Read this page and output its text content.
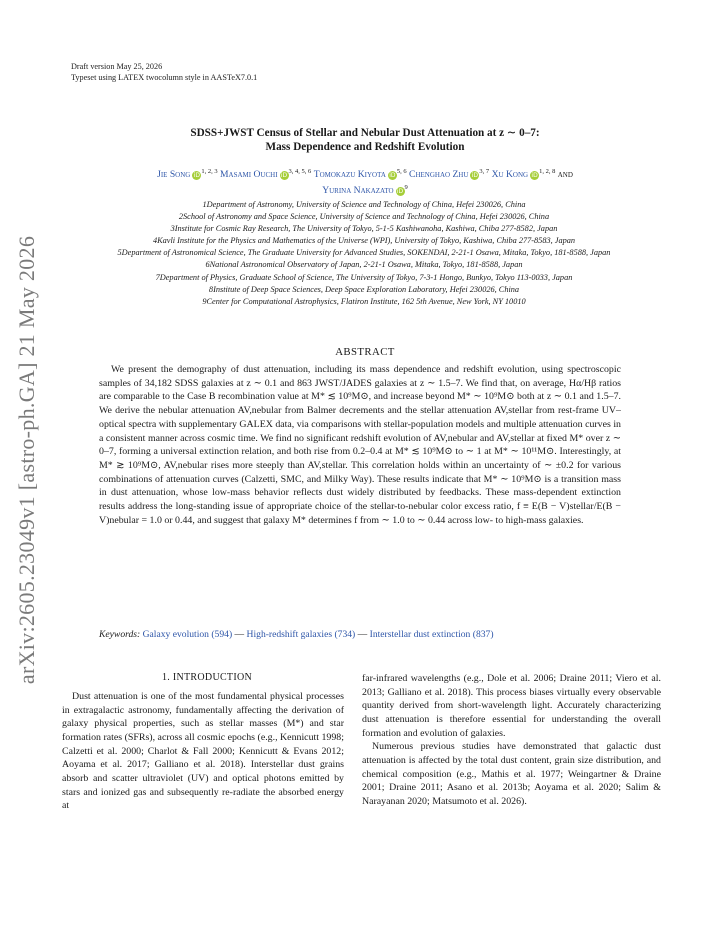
Draft version May 25, 2026
Typeset using LATEX twocolumn style in AASTeX7.0.1
arXiv:2605.23049v1 [astro-ph.GA] 21 May 2026
SDSS+JWST Census of Stellar and Nebular Dust Attenuation at z ∼ 0–7:
Mass Dependence and Redshift Evolution
Jie Song iD$^{1, 2, 3}$ Masami Ouchi iD$^{3, 4, 5, 6}$ Tomokazu Kiyota iD$^{5, 6}$ Chenghao Zhu iD$^{3, 7}$ Xu Kong iD$^{1, 2, 8}$ and
Yurina Nakazato $iD^9$
1Department of Astronomy, University of Science and Technology of China, Hefei 230026, China
2School of Astronomy and Space Science, University of Science and Technology of China, Hefei 230026, China
3Institute for Cosmic Ray Research, The University of Tokyo, 5-1-5 Kashiwanoha, Kashiwa, Chiba 277-8582, Japan
4Kavli Institute for the Physics and Mathematics of the Universe (WPI), University of Tokyo, Kashiwa, Chiba 277-8583, Japan
5Department of Astronomical Science, The Graduate University for Advanced Studies, SOKENDAI, 2-21-1 Osawa, Mitaka, Tokyo, 181-8588, Japan
6National Astronomical Observatory of Japan, 2-21-1 Osawa, Mitaka, Tokyo, 181-8588, Japan
7Department of Physics, Graduate School of Science, The University of Tokyo, 7-3-1 Hongo, Bunkyo, Tokyo 113-0033, Japan
8Institute of Deep Space Sciences, Deep Space Exploration Laboratory, Hefei 230026, China
9Center for Computational Astrophysics, Flatiron Institute, 162 5th Avenue, New York, NY 10010
ABSTRACT
We present the demography of dust attenuation, including its mass dependence and redshift evolution, using spectroscopic samples of 34,182 SDSS galaxies at z ∼ 0.1 and 863 JWST/JADES galaxies at z ∼ 1.5–7. We find that, on average, Hα/Hβ ratios are comparable to the Case B recombination value at M* ≲ 10⁹M⊙, and increase beyond M* ∼ 10⁹M⊙ both at z ∼ 0.1 and 1.5–7. We derive the nebular attenuation AV,nebular from Balmer decrements and the stellar attenuation AV,stellar from rest-frame UV–optical spectra with supplementary GALEX data, via comparisons with stellar-population models and multiple attenuation curves in a consistent manner across cosmic time. We find no significant redshift evolution of AV,nebular and AV,stellar at fixed M* over z ∼ 0–7, forming a universal extinction relation, and both rise from 0.2–0.4 at M* ≲ 10⁹M⊙ to ∼ 1 at M* ∼ 10¹¹M⊙. Interestingly, at M* ≳ 10⁹M⊙, AV,nebular rises more steeply than AV,stellar. This correlation holds within an uncertainty of ∼ ±0.2 for various combinations of attenuation curves (Calzetti, SMC, and Milky Way). These results indicate that M* ∼ 10⁹M⊙ is a transition mass in dust attenuation, whose low-mass behavior reflects dust widely distributed by feedbacks. These mass-dependent extinction results address the long-standing issue of appropriate choice of the stellar-to-nebular color excess ratio, f ≡ E(B − V)stellar/E(B − V)nebular = 1.0 or 0.44, and suggest that galaxy M* determines f from ∼ 1.0 to ∼ 0.44 across low- to high-mass galaxies.
Keywords: Galaxy evolution (594) — High-redshift galaxies (734) — Interstellar dust extinction (837)
1. INTRODUCTION
Dust attenuation is one of the most fundamental physical processes in extragalactic astronomy, fundamentally affecting the derivation of galaxy physical properties, such as stellar masses (M*) and star formation rates (SFRs), across all cosmic epochs (e.g., Kennicutt 1998; Calzetti et al. 2000; Charlot & Fall 2000; Kennicutt & Evans 2012; Aoyama et al. 2017; Galliano et al. 2018). Interstellar dust grains absorb and scatter ultraviolet (UV) and optical photons emitted by stars and ionized gas and subsequently re-radiate the absorbed energy at

far-infrared wavelengths (e.g., Dole et al. 2006; Draine 2011; Viero et al. 2013; Galliano et al. 2018). This process biases virtually every observable quantity derived from short-wavelength light. Accurately characterizing dust attenuation is therefore essential for understanding the overall formation and evolution of galaxies.

Numerous previous studies have demonstrated that galactic dust attenuation is affected by the total dust content, grain size distribution, and chemical composition (e.g., Mathis et al. 1977; Weingartner & Draine 2001; Draine 2011; Asano et al. 2013b; Aoyama et al. 2020; Salim & Narayanan 2020; Matsumoto et al. 2026).
